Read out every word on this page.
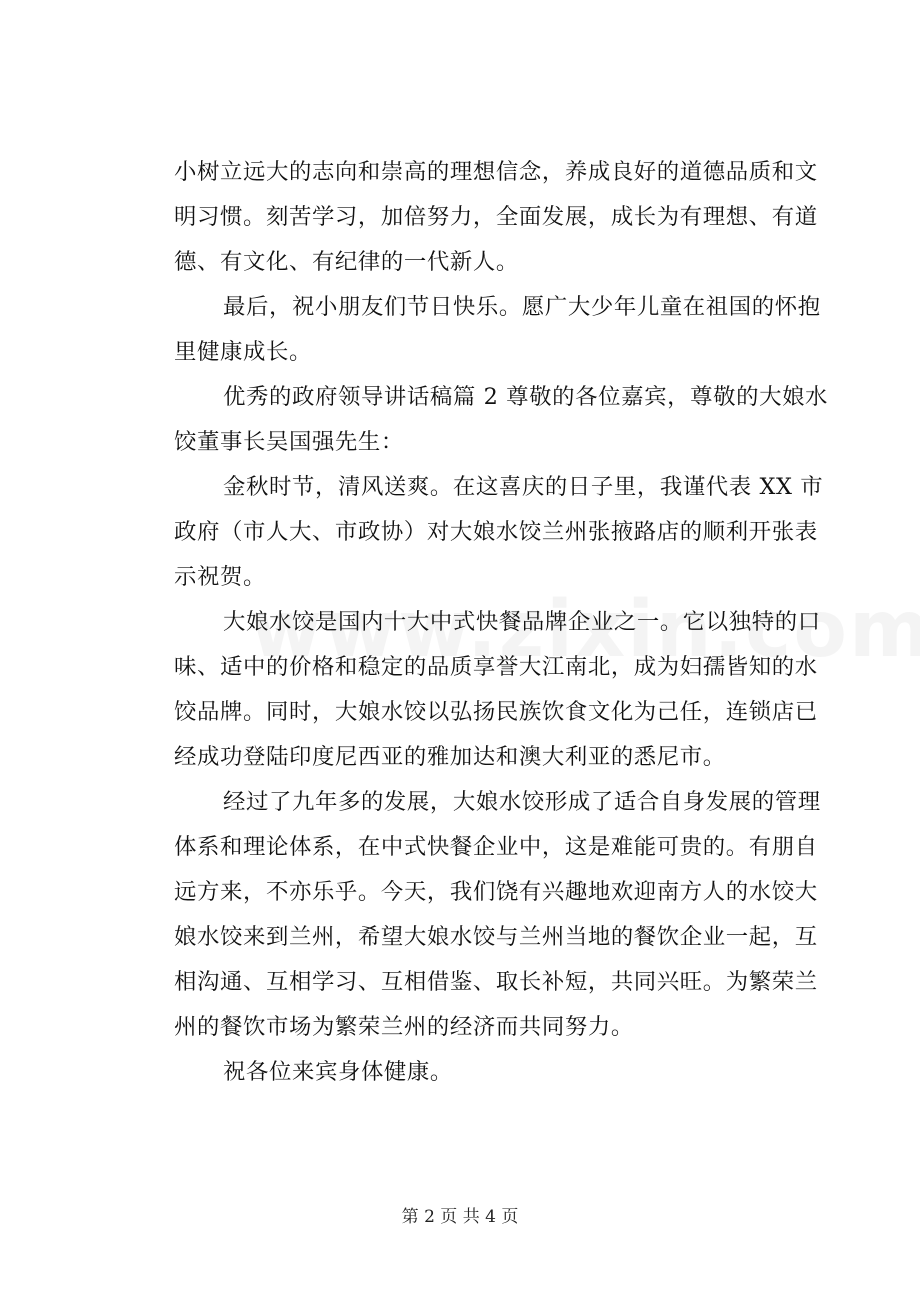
小树立远大的志向和崇高的理想信念，养成良好的道德品质和文
明习惯。刻苦学习，加倍努力，全面发展，成长为有理想、有道
德、有文化、有纪律的一代新人。
最后，祝小朋友们节日快乐。愿广大少年儿童在祖国的怀抱
里健康成长。
优秀的政府领导讲话稿篇 2 尊敬的各位嘉宾，尊敬的大娘水
饺董事长吴国强先生：
金秋时节，清风送爽。在这喜庆的日子里，我谨代表 XX 市
政府（市人大、市政协）对大娘水饺兰州张掖路店的顺利开张表
示祝贺。
大娘水饺是国内十大中式快餐品牌企业之一。它以独特的口
味、适中的价格和稳定的品质享誉大江南北，成为妇孺皆知的水
饺品牌。同时，大娘水饺以弘扬民族饮食文化为己任，连锁店已
经成功登陆印度尼西亚的雅加达和澳大利亚的悉尼市。
经过了九年多的发展，大娘水饺形成了适合自身发展的管理
体系和理论体系，在中式快餐企业中，这是难能可贵的。有朋自
远方来，不亦乐乎。今天，我们饶有兴趣地欢迎南方人的水饺大
娘水饺来到兰州，希望大娘水饺与兰州当地的餐饮企业一起，互
相沟通、互相学习、互相借鉴、取长补短，共同兴旺。为繁荣兰
州的餐饮市场为繁荣兰州的经济而共同努力。
祝各位来宾身体健康。
第 2 页 共 4 页
